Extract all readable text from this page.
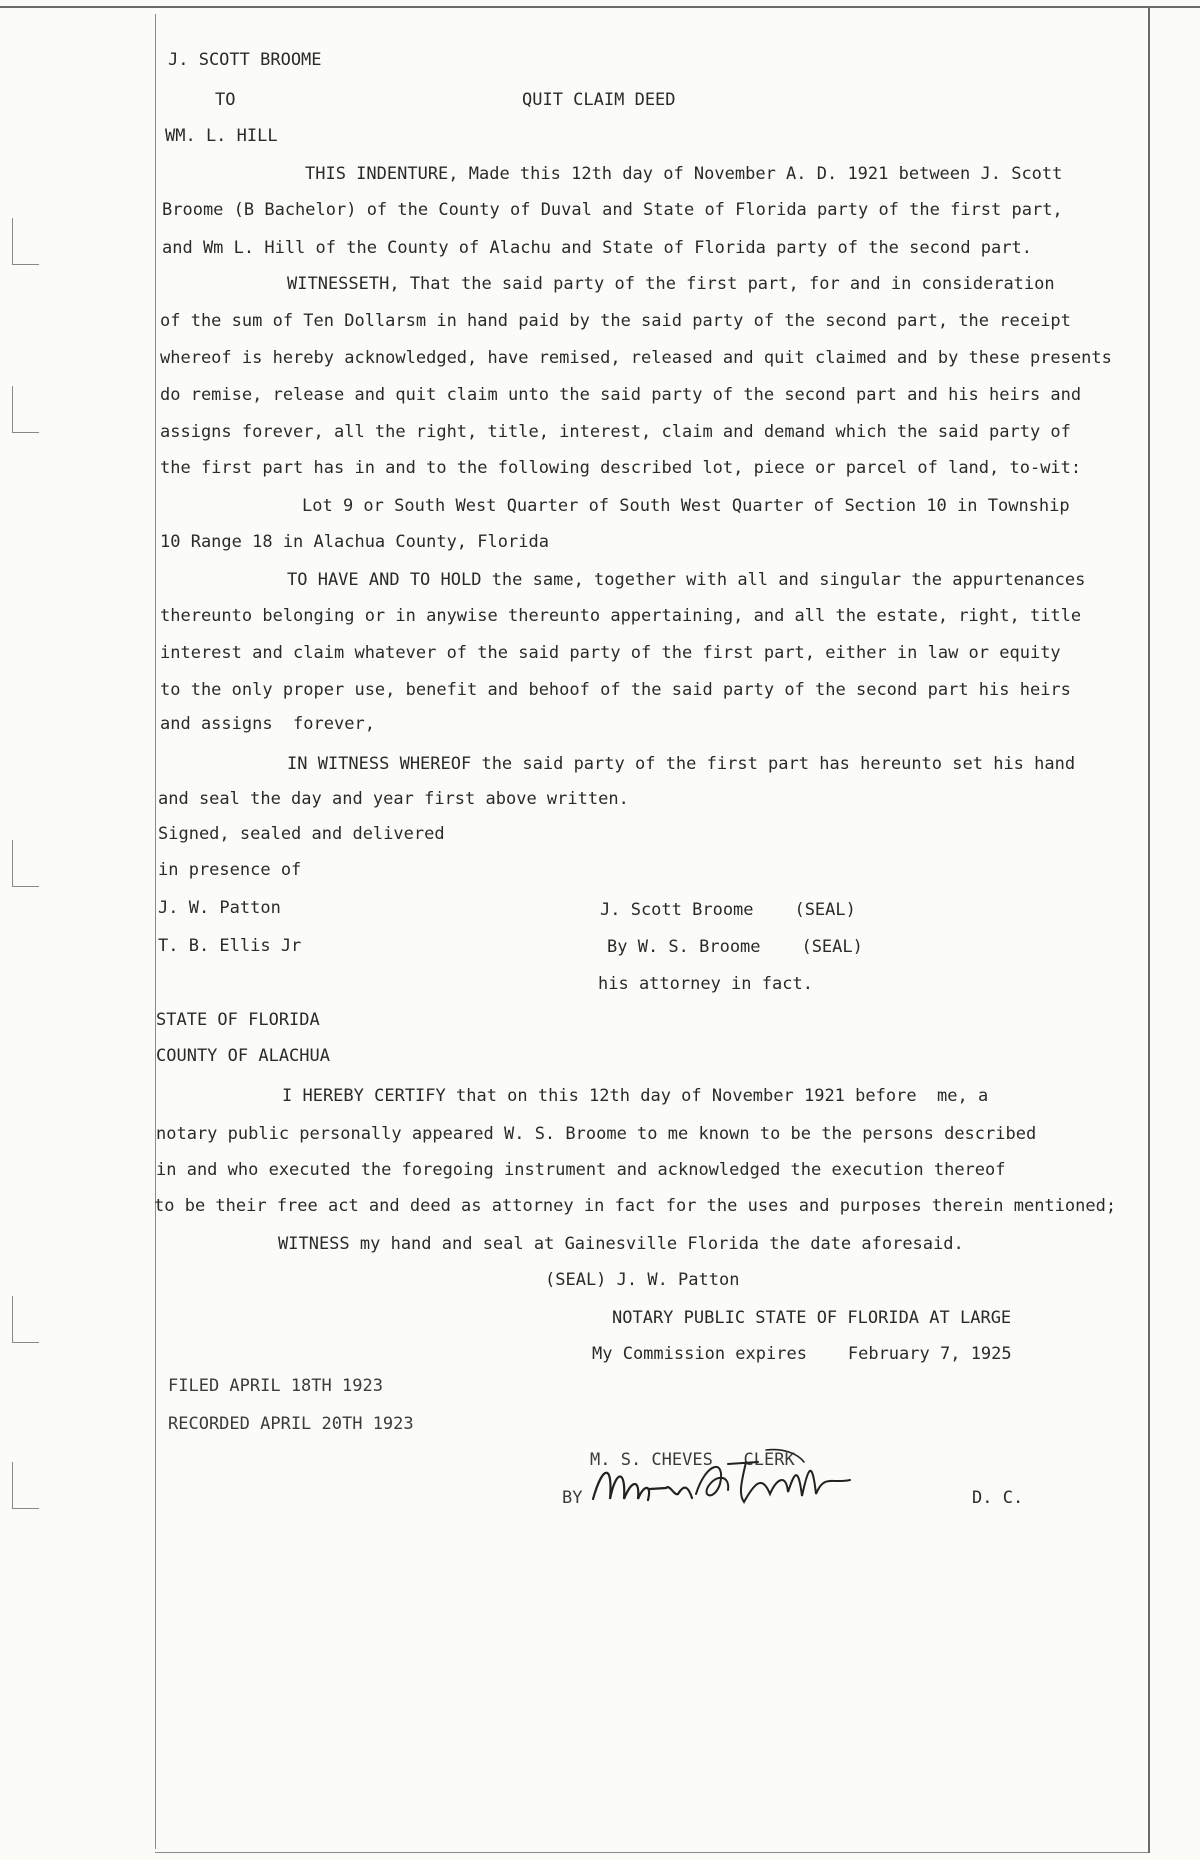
J. SCOTT BROOME
TO	QUIT CLAIM DEED
WM. L. HILL
THIS INDENTURE, Made this 12th day of November A. D. 1921 between J. Scott
Broome (B Bachelor) of the County of Duval and State of Florida party of the first part,
and Wm L. Hill of the County of Alachu and State of Florida party of the second part.
WITNESSETH, That the said party of the first part, for and in consideration
of the sum of Ten Dollarsm in hand paid by the said party of the second part, the receipt
whereof is hereby acknowledged, have remised, released and quit claimed and by these presents
do remise, release and quit claim unto the said party of the second part and his heirs and
assigns forever, all the right, title, interest, claim and demand which the said party of
the first part has in and to the following described lot, piece or parcel of land, to-wit:
Lot 9 or South West Quarter of South West Quarter of Section 10 in Township
10 Range 18 in Alachua County, Florida
TO HAVE AND TO HOLD the same, together with all and singular the appurtenances
thereunto belonging or in anywise thereunto appertaining, and all the estate, right, title
interest and claim whatever of the said party of the first part, either in law or equity
to the only proper use, benefit and behoof of the said party of the second part his heirs
and assigns  forever,
IN WITNESS WHEREOF the said party of the first part has hereunto set his hand
and seal the day and year first above written.
Signed, sealed and delivered
in presence of
J. W. Patton	J. Scott Broome    (SEAL)
T. B. Ellis Jr	By W. S. Broome    (SEAL)
his attorney in fact.
STATE OF FLORIDA
COUNTY OF ALACHUA
I HEREBY CERTIFY that on this 12th day of November 1921 before  me, a
notary public personally appeared W. S. Broome to me known to be the persons described
in and who executed the foregoing instrument and acknowledged the execution thereof
to be their free act and deed as attorney in fact for the uses and purposes therein mentioned;
WITNESS my hand and seal at Gainesville Florida the date aforesaid.
(SEAL) J. W. Patton
NOTARY PUBLIC STATE OF FLORIDA AT LARGE
My Commission expires    February 7, 1925
FILED APRIL 18TH 1923
RECORDED APRIL 20TH 1923
M. S. CHEVES   CLERK
BY	D. C.
